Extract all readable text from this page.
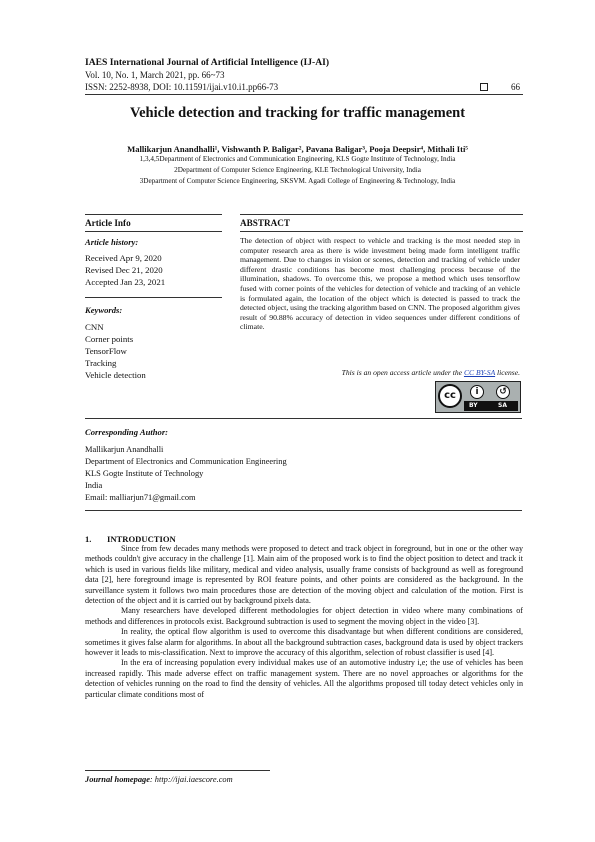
IAES International Journal of Artificial Intelligence (IJ-AI)
Vol. 10, No. 1, March 2021, pp. 66~73
ISSN: 2252-8938, DOI: 10.11591/ijai.v10.i1.pp66-73	66
Vehicle detection and tracking for traffic management
Mallikarjun Anandhalli¹, Vishwanth P. Baligar², Pavana Baligar³, Pooja Deepsir⁴, Mithali Iti⁵
1,3,4,5Department of Electronics and Communication Engineering, KLS Gogte Institute of Technology, India
2Department of Computer Science Engineering, KLE Technological University, India
3Department of Computer Science Engineering, SKSVM. Agadi College of Engineering & Technology, India
Article Info	ABSTRACT
Article history:
Received Apr 9, 2020
Revised Dec 21, 2020
Accepted Jan 23, 2021
Keywords:
CNN
Corner points
TensorFlow
Tracking
Vehicle detection
The detection of object with respect to vehicle and tracking is the most needed step in computer research area as there is wide investment being made form intelligent traffic management. Due to changes in vision or scenes, detection and tracking of vehicle under different drastic conditions has become most challenging process because of the illumination, shadows. To overcome this, we propose a method which uses tensorflow fused with corner points of the vehicles for detection of vehicle and tracking of an vehicle is formulated again, the location of the object which is detected is passed to track the detected object, using the tracking algorithm based on CNN. The proposed algorithm gives result of 90.88% accuracy of detection in video sequences under different conditions of climate.
This is an open access article under the CC BY-SA license.
cc	i	↺
BY	SA
Corresponding Author:
Mallikarjun Anandhalli
Department of Electronics and Communication Engineering
KLS Gogte Institute of Technology
India
Email: malliarjun71@gmail.com
1. INTRODUCTION

Since from few decades many methods were proposed to detect and track object in foreground, but in one or the other way methods couldn't give accuracy in the challenge [1]. Main aim of the proposed work is to find the object position to detect and track it which is used in various fields like military, medical and video analysis, usually frame consists of background as well as foreground data [2], here foreground image is represented by ROI feature points, and other points are considered as the background. In the surveillance system it follows two main procedures those are detection of the moving object and calculation of the motion. First is detection of the object and it is carried out by background pixels data.

Many researchers have developed different methodologies for object detection in video where many combinations of methods and differences in protocols exist. Background subtraction is used to segment the moving object in the video [3].

In reality, the optical flow algorithm is used to overcome this disadvantage but when different conditions are considered, sometimes it gives false alarm for algorithms. In about all the background subtraction cases, background data is used by object trackers however it leads to mis-classification. Next to improve the accuracy of this algorithm, selection of robust classifier is used [4].

In the era of increasing population every individual makes use of an automotive industry i,e; the use of vehicles has been increased rapidly. This made adverse effect on traffic management system. There are no novel approaches or algorithms for the detection of vehicles running on the road to find the density of vehicles. All the algorithms proposed till today detect vehicles only in particular climate conditions most of

Journal homepage: http://ijai.iaescore.com
